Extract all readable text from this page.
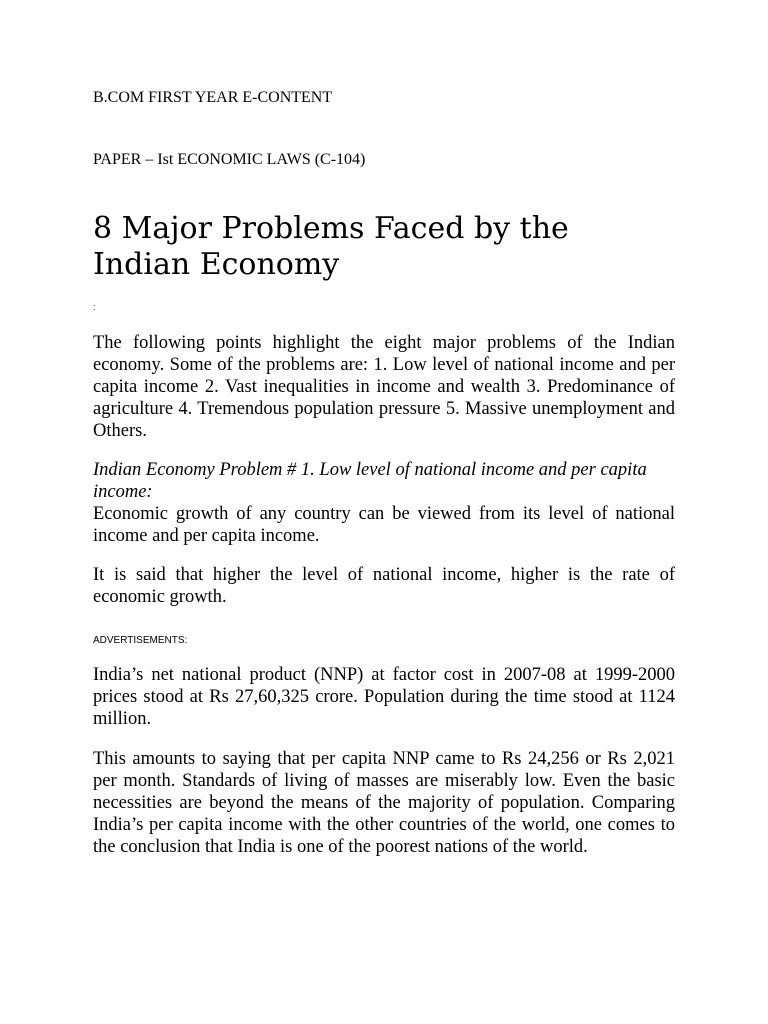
B.COM FIRST YEAR E-CONTENT
PAPER – Ist ECONOMIC LAWS (C-104)
8 Major Problems Faced by the Indian Economy
:

The following points highlight the eight major problems of the Indian economy. Some of the problems are: 1. Low level of national income and per capita income 2. Vast inequalities in income and wealth 3. Predominance of agriculture 4. Tremendous population pressure 5. Massive unemployment and Others.

Indian Economy Problem # 1. Low level of national income and per capita income:

Economic growth of any country can be viewed from its level of national income and per capita income.

It is said that higher the level of national income, higher is the rate of economic growth.

ADVERTISEMENTS:

India’s net national product (NNP) at factor cost in 2007-08 at 1999-2000 prices stood at Rs 27,60,325 crore. Population during the time stood at 1124 million.

This amounts to saying that per capita NNP came to Rs 24,256 or Rs 2,021 per month. Standards of living of masses are miserably low. Even the basic necessities are beyond the means of the majority of population. Comparing India’s per capita income with the other countries of the world, one comes to the conclusion that India is one of the poorest nations of the world.
